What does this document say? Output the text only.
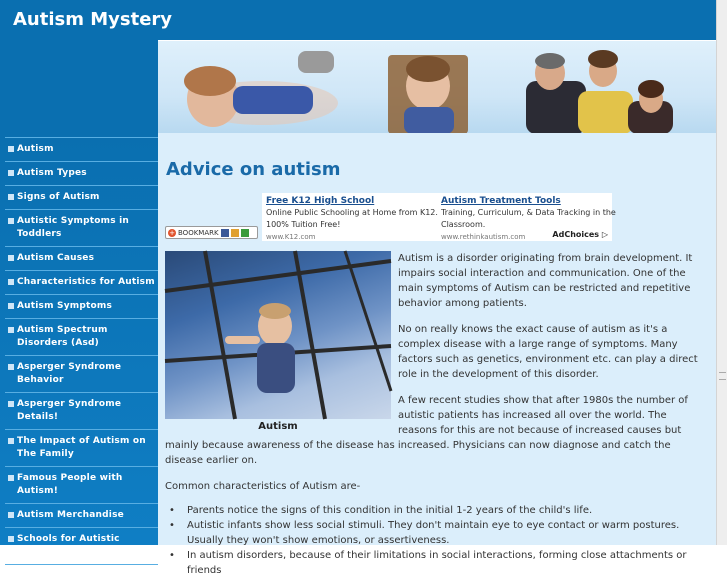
Autism Mystery
Autism
Autism Types
Signs of Autism
Autistic Symptoms in Toddlers
Autism Causes
Characteristics for Autism
Autism Symptoms
Autism Spectrum Disorders (Asd)
Asperger Syndrome Behavior
Asperger Syndrome Details!
The Impact of Autism on The Family
Famous People with Autism!
Autism Merchandise
Schools for Autistic Children?
Advice on autism
Free K12 High School
Online Public Schooling at Home from K12. 100% Tuition Free!
www.K12.com
Autism Treatment Tools
Training, Curriculum, & Data Tracking in the Classroom.
www.rethinkautism.com	AdChoices ▷
+ BOOKMARK
Autism

Autism is a disorder originating from brain development. It impairs social interaction and communication. One of the main symptoms of Autism can be restricted and repetitive behavior among patients.

No on really knows the exact cause of autism as it's a complex disease with a large range of symptoms. Many factors such as genetics, environment etc. can play a direct role in the development of this disorder.

A few recent studies show that after 1980s the number of autistic patients has increased all over the world. The reasons for this are not because of increased causes but mainly because awareness of the disease has increased. Physicians can now diagnose and catch the disease earlier on.

Common characteristics of Autism are-

• Parents notice the signs of this condition in the initial 1-2 years of the child's life.
• Autistic infants show less social stimuli. They don't maintain eye to eye contact or warm postures. Usually they won't show emotions, or assertiveness.
• In autism disorders, because of their limitations in social interactions, forming close attachments or friends
